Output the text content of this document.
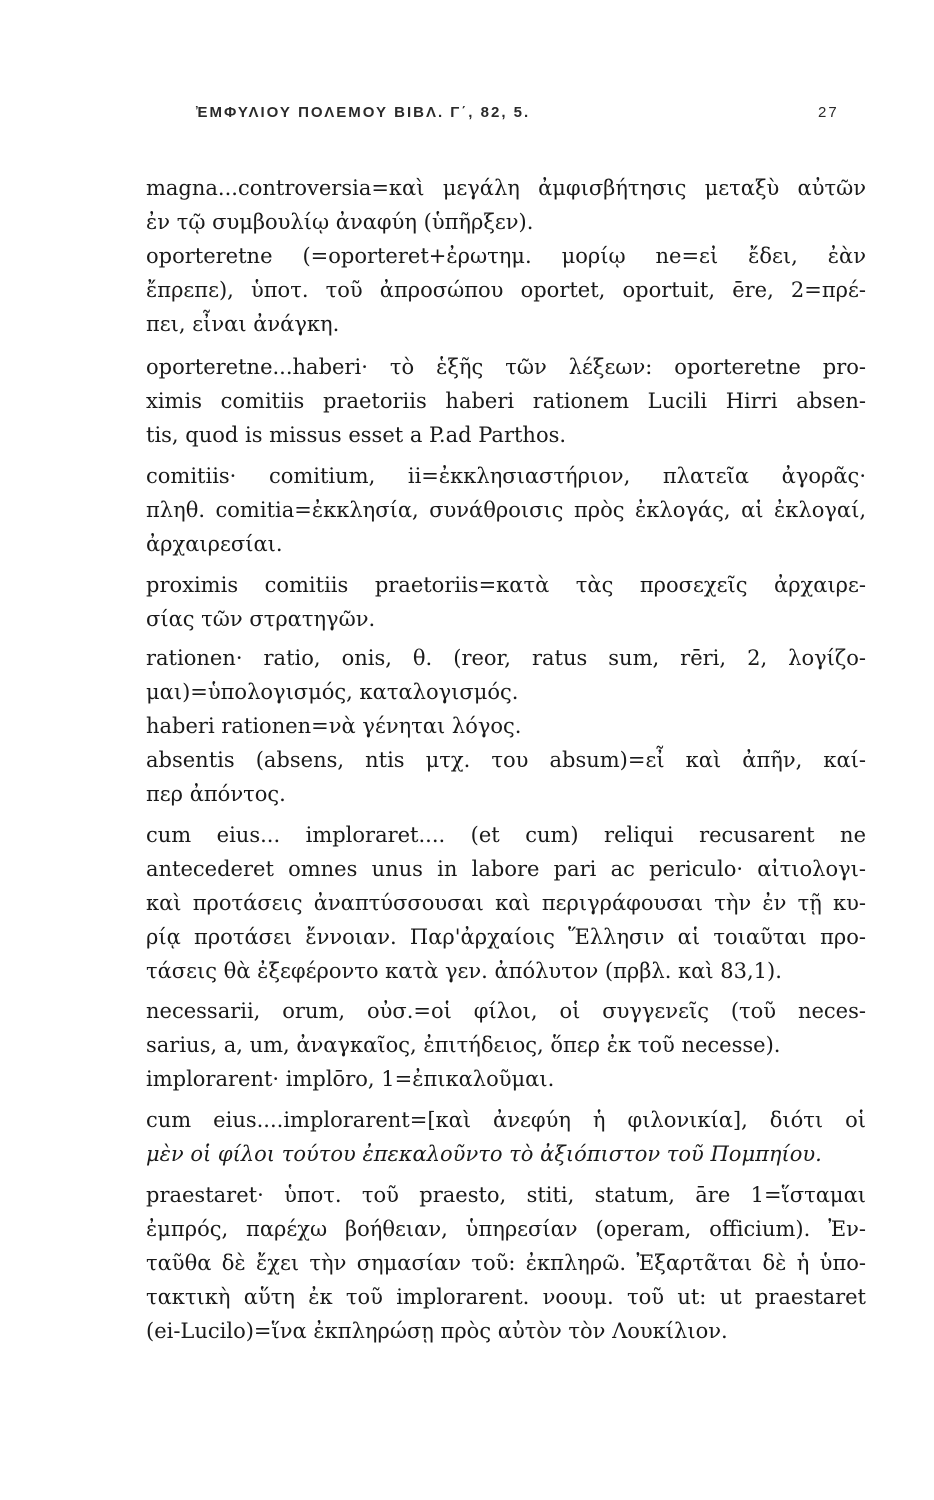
ἘΜΦΥΛΙΟΥ ΠΟΛΕΜΟΥ ΒΙΒΛ. Γ΄, 82, 5.	27
magna...controversia=καὶ μεγάλη ἀμφισβήτησις μεταξὺ αὐτῶν
ἐν τῷ συμβουλίῳ ἀναφύη (ὑπῆρξεν).
oporteretne (=oporteret+ἐρωτημ. μορίῳ ne=εἰ ἔδει, ἐὰν
ἔπρεπε), ὑποτ. τοῦ ἀπροσώπου oportet, oportuit, ēre, 2=πρέ-
πει, εἶναι ἀνάγκη.
oporteretne...haberi· τὸ ἑξῆς τῶν λέξεων: oporteretne pro-
ximis comitiis praetoriis haberi rationem Lucili Hirri absen-
tis, quod is missus esset a P.ad Parthos.
comitiis· comitium, ii=ἐκκλησιαστήριον, πλατεῖα ἀγορᾶς·
πληθ. comitia=ἐκκλησία, συνάθροισις πρὸς ἐκλογάς, αἱ ἐκλογαί,
ἀρχαιρεσίαι.
proximis comitiis praetoriis=κατὰ τὰς προσεχεῖς ἀρχαιρε-
σίας τῶν στρατηγῶν.
rationen· ratio, onis, θ. (reor, ratus sum, rēri, 2, λογίζο-
μαι)=ὑπολογισμός, καταλογισμός.
haberi rationen=νὰ γένηται λόγος.
absentis (absens, ntis μτχ. του absum)=εἶ καὶ ἀπῆν, καί-
περ ἀπόντος.
cum eius... imploraret.... (et cum) reliqui recusarent ne
antecederet omnes unus in labore pari ac periculo· αἰτιολογι-
καὶ προτάσεις ἀναπτύσσουσαι καὶ περιγράφουσαι τὴν ἐν τῇ κυ-
ρίᾳ προτάσει ἔννοιαν. Παρ'ἀρχαίοις Ἕλλησιν αἱ τοιαῦται προ-
τάσεις θὰ ἐξεφέροντο κατὰ γεν. ἀπόλυτον (πρβλ. καὶ 83,1).
necessarii, orum, οὐσ.=οἱ φίλοι, οἱ συγγενεῖς (τοῦ neces-
sarius, a, um, ἀναγκαῖος, ἐπιτήδειος, ὅπερ ἐκ τοῦ necesse).
implorarent· implōro, 1=ἐπικαλοῦμαι.
cum eius....implorarent=[καὶ ἀνεφύη ἡ φιλονικία], διότι οἱ
μὲν οἱ φίλοι τούτου ἐπεκαλοῦντο τὸ ἀξιόπιστον τοῦ Πομπηίου.
praestaret· ὑποτ. τοῦ praesto, stiti, statum, āre 1=ἵσταμαι
ἐμπρός, παρέχω βοήθειαν, ὑπηρεσίαν (operam, officium). Ἐν-
ταῦθα δὲ ἔχει τὴν σημασίαν τοῦ: ἐκπληρῶ. Ἐξαρτᾶται δὲ ἡ ὑπο-
τακτικὴ αὕτη ἐκ τοῦ implorarent. νοουμ. τοῦ ut: ut praestaret
(ei-Lucilo)=ἵνα ἐκπληρώσῃ πρὸς αὐτὸν τὸν Λουκίλιον.
